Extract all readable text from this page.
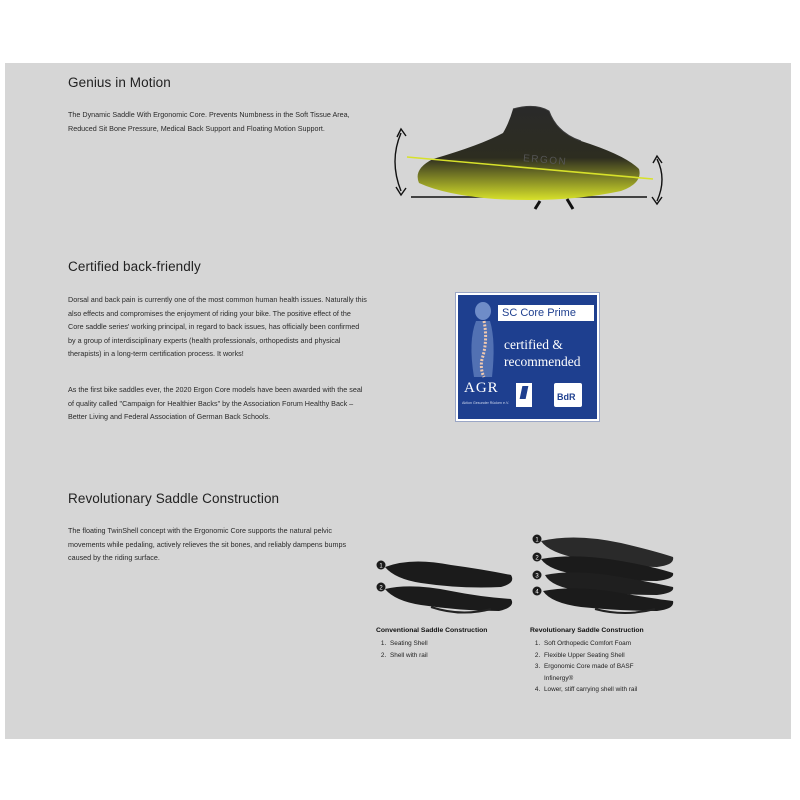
Genius in Motion

The Dynamic Saddle With Ergonomic Core. Prevents Numbness in the Soft Tissue Area, Reduced Sit Bone Pressure, Medical Back Support and Floating Motion Support.

ERGON
Certified back-friendly

Dorsal and back pain is currently one of the most common human health issues. Naturally this also effects and compromises the enjoyment of riding your bike. The positive effect of the Core saddle series' working principal, in regard to back issues, has officially been confirmed by a group of interdisciplinary experts (health professionals, orthopedists and physical therapists) in a long-term certification process. It works!

As the first bike saddles ever, the 2020 Ergon Core models have been awarded with the seal of quality called "Campaign for Healthier Backs" by the Association Forum Healthy Back – Better Living and Federal Association of German Back Schools.

SC Core Prime
certified &
recommended
AGR
Aktion Gesunder Rücken e.V.
BdR
Revolutionary Saddle Construction

The floating TwinShell concept with the Ergonomic Core supports the natural pelvic movements while pedaling, actively relieves the sit bones, and reliably dampens bumps caused by the riding surface.

1
2
1
2
3
4
Conventional Saddle Construction
1. Seating Shell
2. Shell with rail
Revolutionary Saddle Construction
1. Soft Orthopedic Comfort Foam
2. Flexible Upper Seating Shell
3. Ergonomic Core made of BASF Infinergy®
4. Lower, stiff carrying shell with rail
